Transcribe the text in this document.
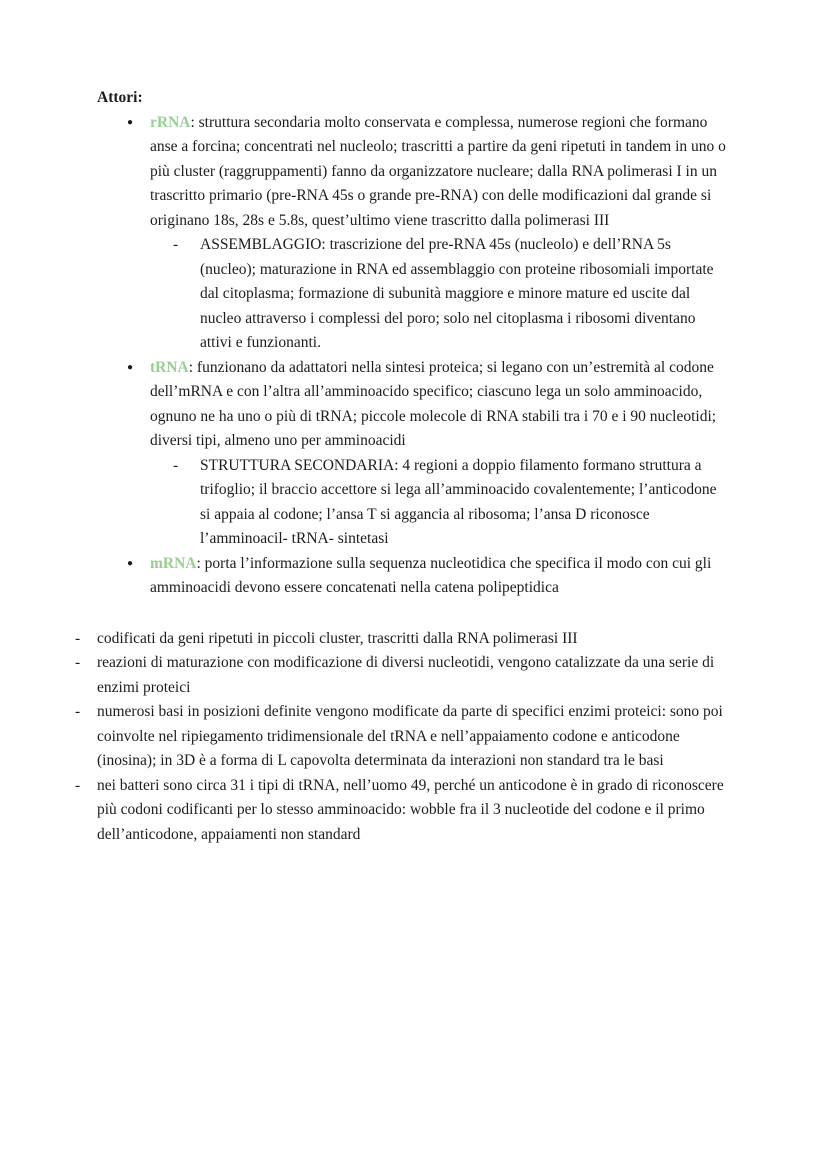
Attori:

●	rRNA: struttura secondaria molto conservata e complessa, numerose regioni che formano anse a forcina; concentrati nel nucleolo; trascritti a partire da geni ripetuti in tandem in uno o più cluster (raggruppamenti) fanno da organizzatore nucleare; dalla RNA polimerasi I in un trascritto primario (pre-RNA 45s o grande pre-RNA) con delle modificazioni dal grande si originano 18s, 28s e 5.8s, quest’ultimo viene trascritto dalla polimerasi III

-	ASSEMBLAGGIO: trascrizione del pre-RNA 45s (nucleolo) e dell’RNA 5s (nucleo); maturazione in RNA ed assemblaggio con proteine ribosomiali importate dal citoplasma; formazione di subunità maggiore e minore mature ed uscite dal nucleo attraverso i complessi del poro; solo nel citoplasma i ribosomi diventano attivi e funzionanti.

●	tRNA: funzionano da adattatori nella sintesi proteica; si legano con un’estremità al codone dell’mRNA e con l’altra all’amminoacido specifico; ciascuno lega un solo amminoacido, ognuno ne ha uno o più di tRNA; piccole molecole di RNA stabili tra i 70 e i 90 nucleotidi; diversi tipi, almeno uno per amminoacidi

-	STRUTTURA SECONDARIA: 4 regioni a doppio filamento formano struttura a trifoglio; il braccio accettore si lega all’amminoacido covalentemente; l’anticodone si appaia al codone; l’ansa T si aggancia al ribosoma; l’ansa D riconosce l’amminoacil- tRNA- sintetasi

●	mRNA: porta l’informazione sulla sequenza nucleotidica che specifica il modo con cui gli amminoacidi devono essere concatenati nella catena polipeptidica

-	codificati da geni ripetuti in piccoli cluster, trascritti dalla RNA polimerasi III

-	reazioni di maturazione con modificazione di diversi nucleotidi, vengono catalizzate da una serie di enzimi proteici

-	numerosi basi in posizioni definite vengono modificate da parte di specifici enzimi proteici: sono poi coinvolte nel ripiegamento tridimensionale del tRNA e nell’appaiamento codone e anticodone (inosina); in 3D è a forma di L capovolta determinata da interazioni non standard tra le basi

-	nei batteri sono circa 31 i tipi di tRNA, nell’uomo 49, perché un anticodone è in grado di riconoscere più codoni codificanti per lo stesso amminoacido: wobble fra il 3 nucleotide del codone e il primo dell’anticodone, appaiamenti non standard
